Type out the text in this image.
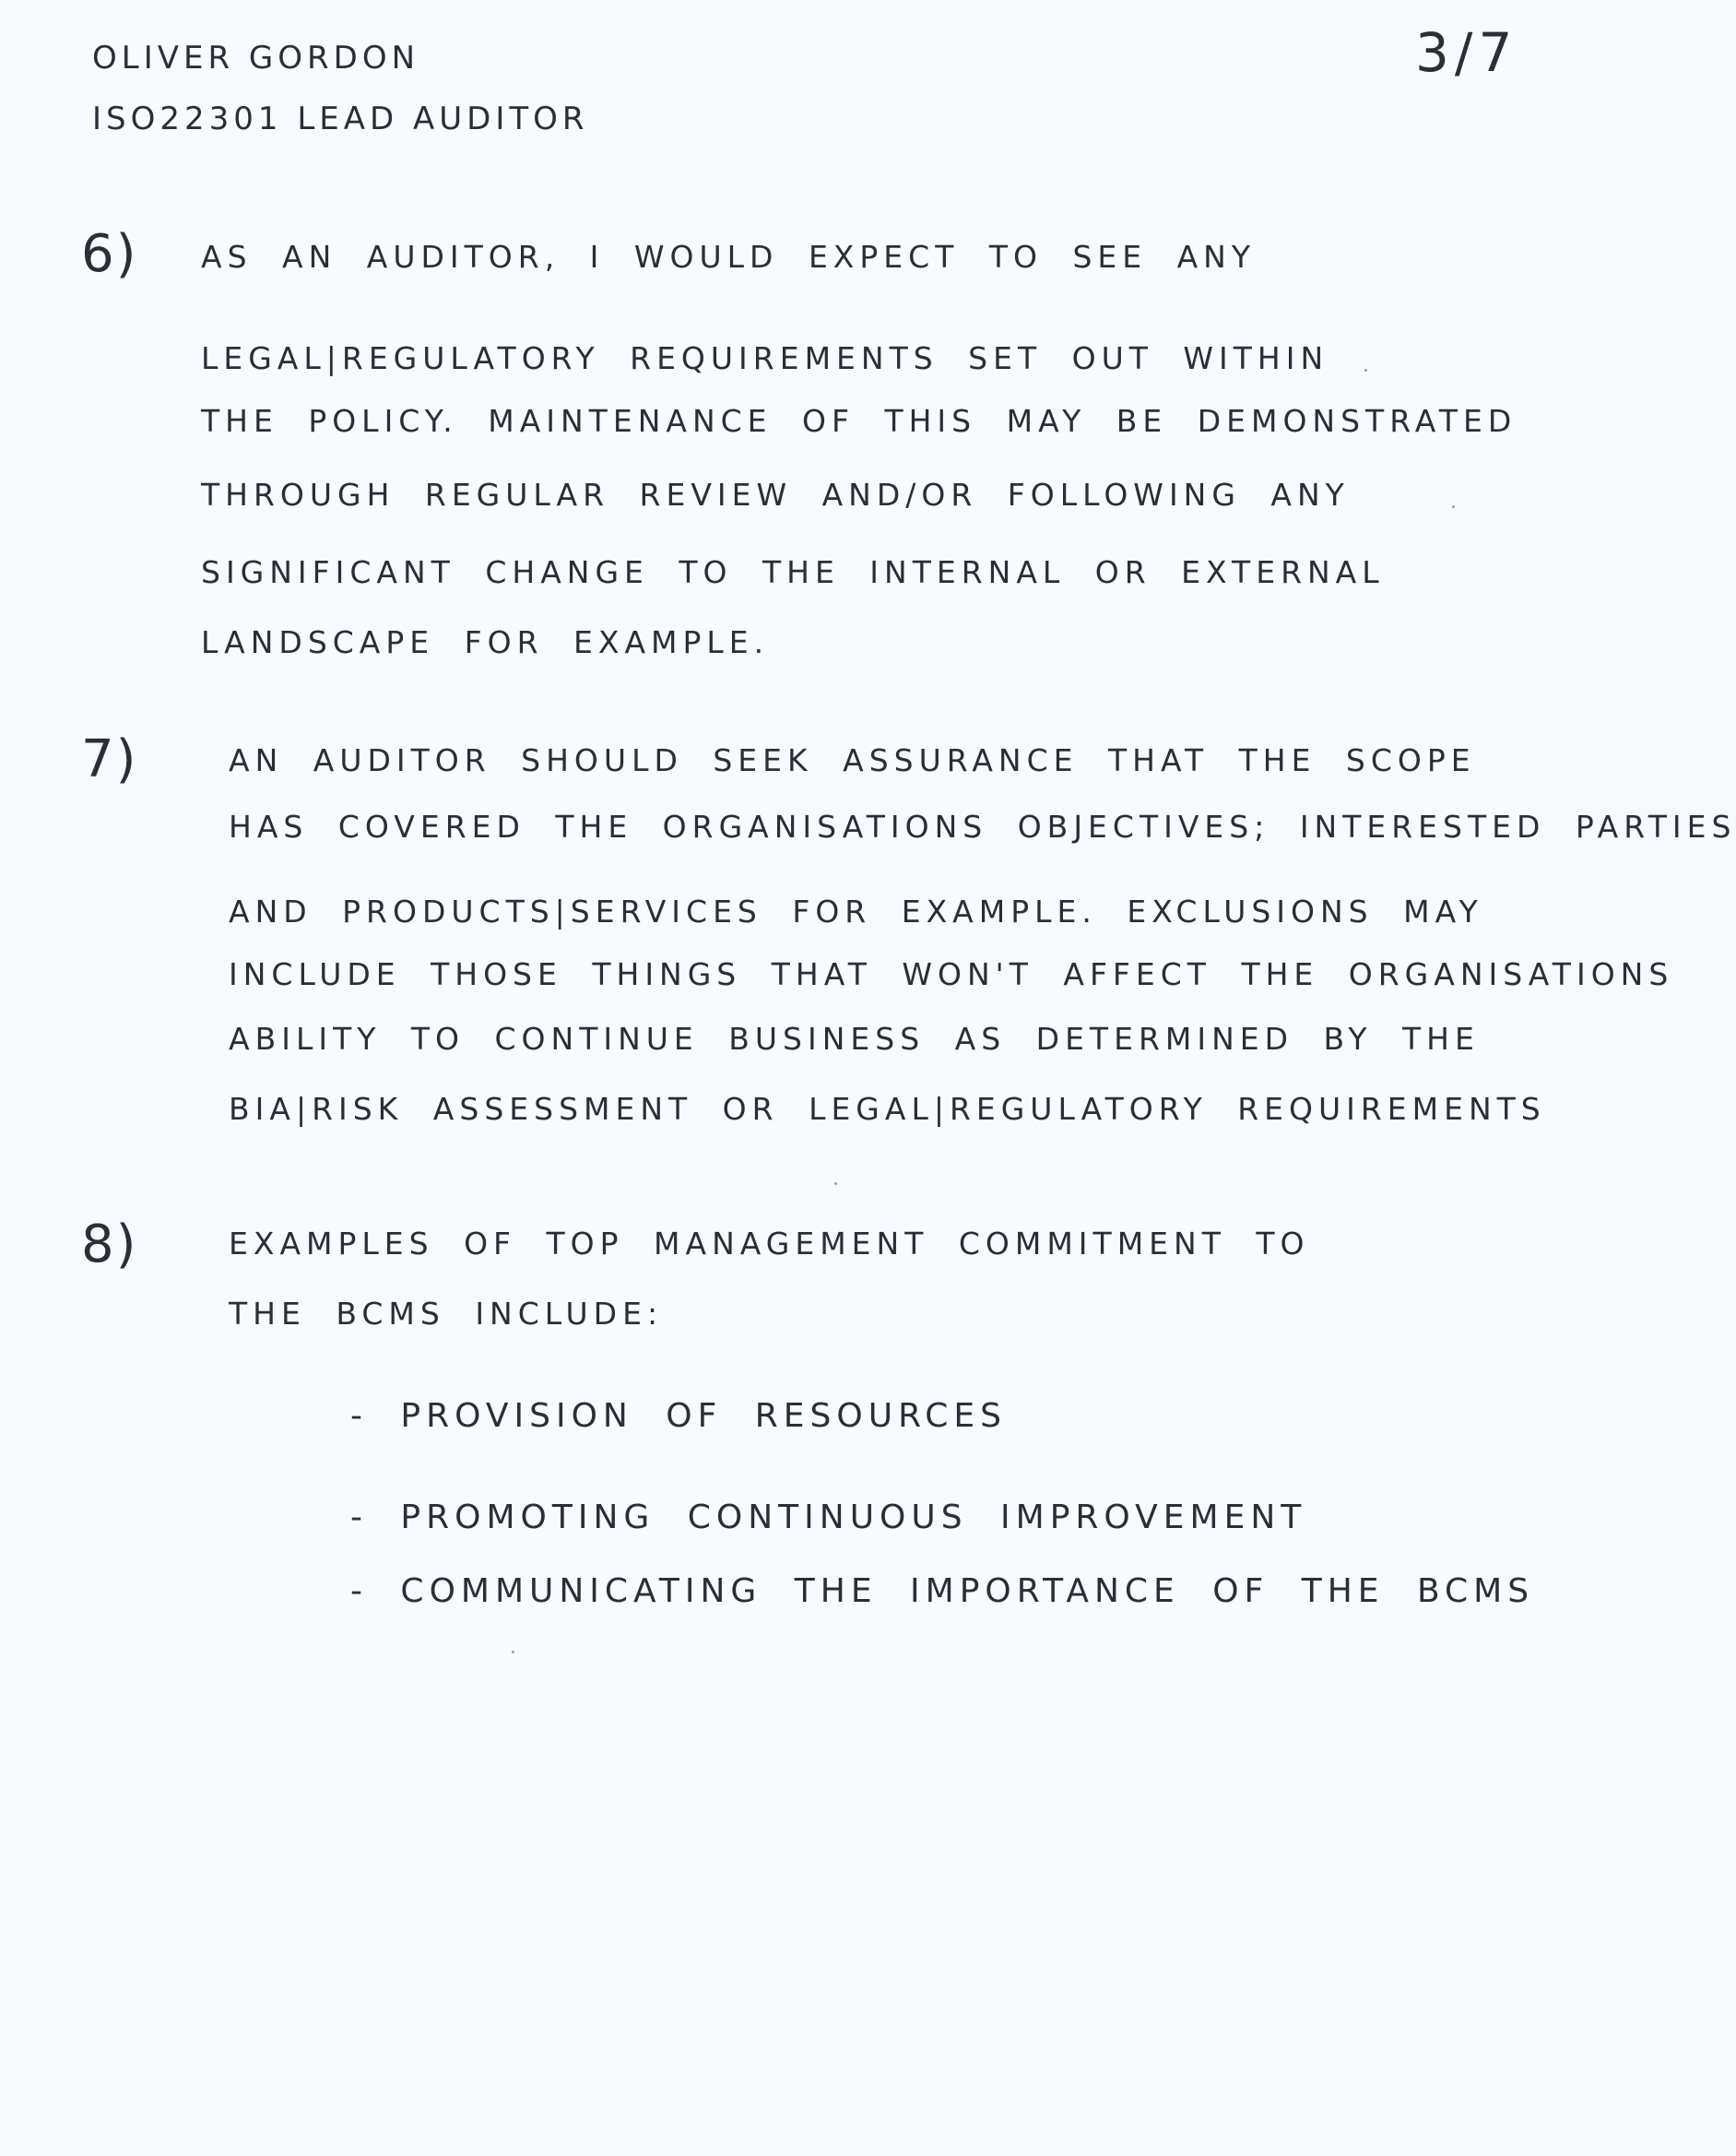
OLIVER GORDON
ISO22301 LEAD AUDITOR
3/7
6) AS AN AUDITOR, I WOULD EXPECT TO SEE ANY
LEGAL|REGULATORY REQUIREMENTS SET OUT WITHIN
THE POLICY. MAINTENANCE OF THIS MAY BE DEMONSTRATED
THROUGH REGULAR REVIEW AND/OR FOLLOWING ANY
SIGNIFICANT CHANGE TO THE INTERNAL OR EXTERNAL
LANDSCAPE FOR EXAMPLE.
7)	AN AUDITOR SHOULD SEEK ASSURANCE THAT THE SCOPE
HAS COVERED THE ORGANISATIONS OBJECTIVES; INTERESTED PARTIES
AND PRODUCTS|SERVICES FOR EXAMPLE. EXCLUSIONS MAY
INCLUDE THOSE THINGS THAT WON'T AFFECT THE ORGANISATIONS
ABILITY TO CONTINUE BUSINESS AS DETERMINED BY THE
BIA|RISK ASSESSMENT OR LEGAL|REGULATORY REQUIREMENTS
8)	EXAMPLES OF TOP MANAGEMENT COMMITMENT TO
THE BCMS INCLUDE:
- PROVISION OF RESOURCES
- PROMOTING CONTINUOUS IMPROVEMENT
- COMMUNICATING THE IMPORTANCE OF THE BCMS
